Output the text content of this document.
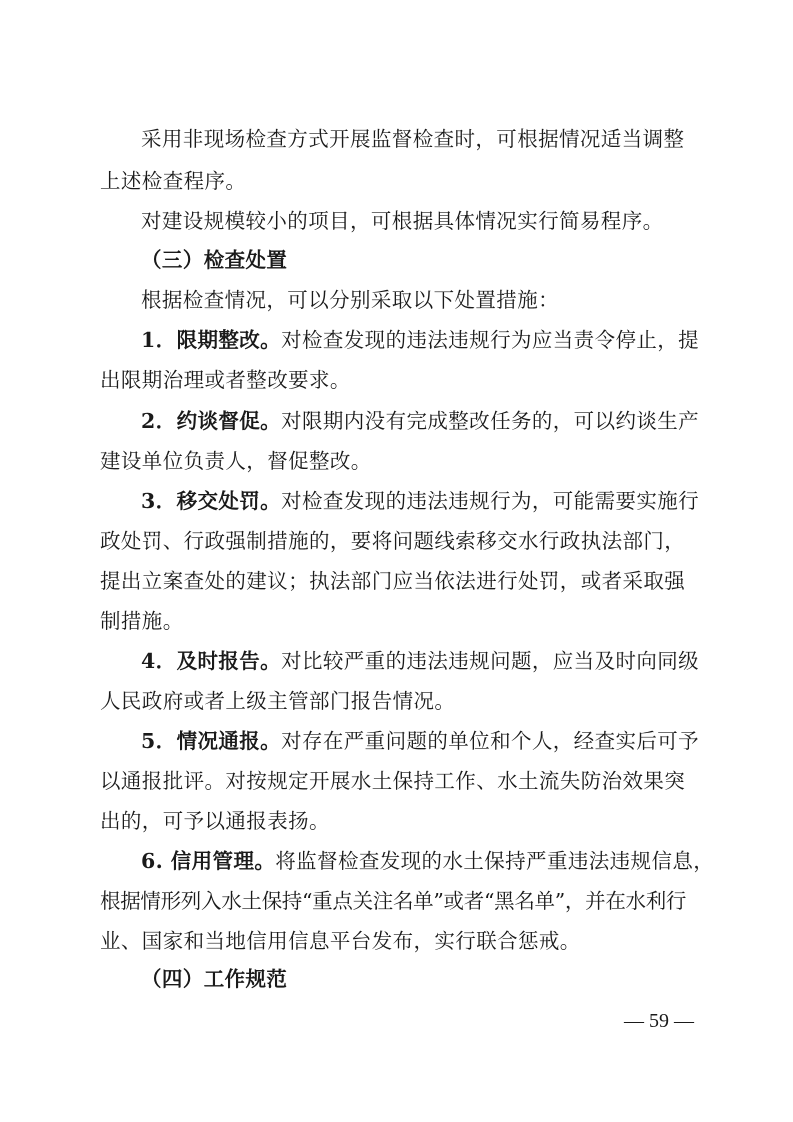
采用非现场检查方式开展监督检查时，可根据情况适当调整
上述检查程序。
对建设规模较小的项目，可根据具体情况实行简易程序。
（三）检查处置
根据检查情况，可以分别采取以下处置措施：
1．限期整改。对检查发现的违法违规行为应当责令停止，提
出限期治理或者整改要求。
2．约谈督促。对限期内没有完成整改任务的，可以约谈生产
建设单位负责人，督促整改。
3．移交处罚。对检查发现的违法违规行为，可能需要实施行
政处罚、行政强制措施的，要将问题线索移交水行政执法部门，
提出立案查处的建议；执法部门应当依法进行处罚，或者采取强
制措施。
4．及时报告。对比较严重的违法违规问题，应当及时向同级
人民政府或者上级主管部门报告情况。
5．情况通报。对存在严重问题的单位和个人，经查实后可予
以通报批评。对按规定开展水土保持工作、水土流失防治效果突
出的，可予以通报表扬。
6. 信用管理。将监督检查发现的水土保持严重违法违规信息，
根据情形列入水土保持“重点关注名单”或者“黑名单”，并在水利行
业、国家和当地信用信息平台发布，实行联合惩戒。
（四）工作规范
— 59 —
